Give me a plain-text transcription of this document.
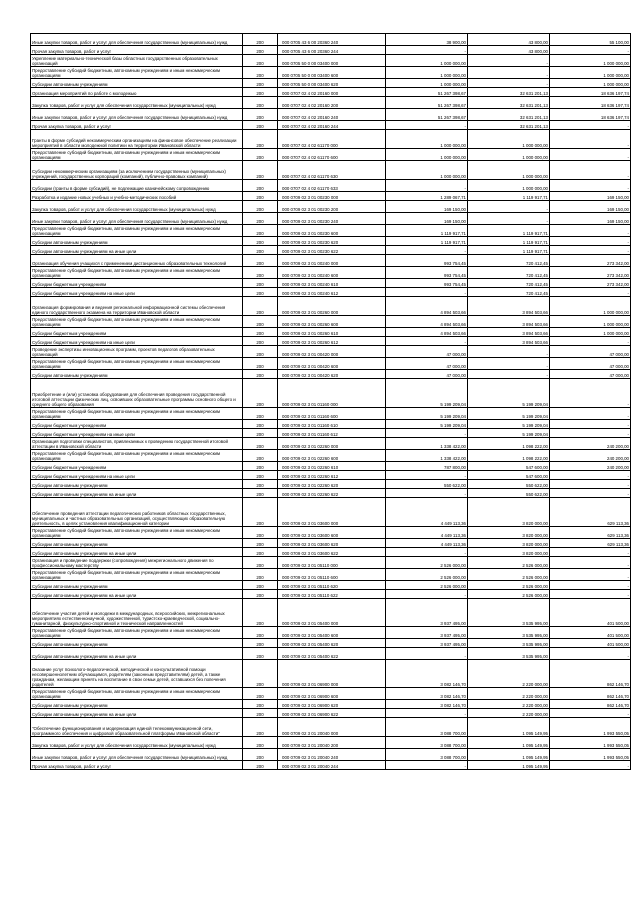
Иные закупки товаров, работ и услуг для обеспечения государственных (муниципальных) нужд	200	000 0705 43 6 00 20360 240	38 900,00	43 800,00	55 100,00
Прочая закупка товаров, работ и услуг	200	000 0705 43 6 00 20360 244	-	43 800,00	-
Укрепление материально-технической базы областных государственных образовательных организаций	200	000 0705 50 0 00 03400 000	1 000 000,00	-	1 000 000,00
Предоставление субсидий бюджетным, автономным учреждениям и иным некоммерческим организациям	200	000 0705 50 0 00 03400 600	1 000 000,00	-	1 000 000,00
Субсидии автономным учреждениям	200	000 0705 50 0 00 03400 620	1 000 000,00	-	1 000 000,00
Организация мероприятий по работе с молодежью	200	000 0707 02 4 02 20160 000	51 267 398,67	32 631 201,13	18 636 197,74
Закупка товаров, работ и услуг для обеспечения государственных (муниципальных) нужд	200	000 0707 02 4 02 20160 200	51 267 398,67	32 631 201,13	18 636 197,74
Иные закупки товаров, работ и услуг для обеспечения государственных (муниципальных) нужд	200	000 0707 02 4 02 20160 240	51 267 398,67	32 631 201,13	18 636 197,74
Прочая закупка товаров, работ и услуг	200	000 0707 02 4 02 20160 244	-	32 631 201,13	-
Гранты в форме субсидий некоммерческим организациям на финансовое обеспечение реализации мероприятий в области молодежной политики на территории Ивановской области	200	000 0707 02 4 02 61170 000	1 000 000,00	1 000 000,00	-
Предоставление субсидий бюджетным, автономным учреждениям и иным некоммерческим организациям	200	000 0707 02 4 02 61170 600	1 000 000,00	1 000 000,00	-
Субсидии некоммерческим организациям (за исключением государственных (муниципальных) учреждений, государственных корпораций (компаний), публично-правовых компаний)	200	000 0707 02 4 02 61170 630	1 000 000,00	1 000 000,00	-
Субсидии (гранты в форме субсидий), не подлежащие казначейскому сопровождению	200	000 0707 02 4 02 61170 633	-	1 000 000,00	-
Разработка и издание новых учебных и учебно-методических пособий	200	000 0709 02 3 01 00230 000	1 289 067,71	1 119 917,71	169 150,00
Закупка товаров, работ и услуг для обеспечения государственных (муниципальных) нужд	200	000 0709 02 3 01 00230 200	169 150,00	-	169 150,00
Иные закупки товаров, работ и услуг для обеспечения государственных (муниципальных) нужд	200	000 0709 02 3 01 00230 240	169 150,00	-	169 150,00
Предоставление субсидий бюджетным, автономным учреждениям и иным некоммерческим организациям	200	000 0709 02 3 01 00230 600	1 119 917,71	1 119 917,71	-
Субсидии автономным учреждениям	200	000 0709 02 3 01 00230 620	1 119 917,71	1 119 917,71	-
Субсидии автономным учреждениям на иные цели	200	000 0709 02 3 01 00230 622	-	1 119 917,71	-
Организация обучения учащихся с применением дистанционных образовательных технологий	200	000 0709 02 3 01 00240 000	993 754,45	720 412,45	273 342,00
Предоставление субсидий бюджетным, автономным учреждениям и иным некоммерческим организациям	200	000 0709 02 3 01 00240 600	993 754,45	720 412,45	273 342,00
Субсидии бюджетным учреждениям	200	000 0709 02 3 01 00240 610	993 754,45	720 412,45	273 342,00
Субсидии бюджетным учреждениям на иные цели	200	000 0709 02 3 01 00240 612	-	720 412,45	-
Организация формирования и ведения региональной информационной системы обеспечения единого государственного экзамена на территории Ивановской области	200	000 0709 02 3 01 00260 000	4 894 503,66	3 894 503,66	1 000 000,00
Предоставление субсидий бюджетным, автономным учреждениям и иным некоммерческим организациям	200	000 0709 02 3 01 00260 600	4 894 503,66	3 894 503,66	1 000 000,00
Субсидии бюджетным учреждениям	200	000 0709 02 3 01 00260 610	4 894 503,66	3 894 503,66	1 000 000,00
Субсидии бюджетным учреждениям на иные цели	200	000 0709 02 3 01 00260 612	-	3 894 503,66	-
Проведение экспертизы инновационных программ, проектов педагогов образовательных организаций	200	000 0709 02 3 01 00420 000	47 000,00	-	47 000,00
Предоставление субсидий бюджетным, автономным учреждениям и иным некоммерческим организациям	200	000 0709 02 3 01 00420 600	47 000,00	-	47 000,00
Субсидии автономным учреждениям	200	000 0709 02 3 01 00420 620	47 000,00	-	47 000,00
Приобретение и (или) установка оборудования для обеспечения проведения государственной итоговой аттестации физических лиц, освоивших образовательные программы основного общего и среднего общего образования	200	000 0709 02 3 01 01160 000	5 199 209,04	5 199 209,04	-
Предоставление субсидий бюджетным, автономным учреждениям и иным некоммерческим организациям	200	000 0709 02 3 01 01160 600	5 199 209,04	5 199 209,04	-
Субсидии бюджетным учреждениям	200	000 0709 02 3 01 01160 610	5 199 209,04	5 199 209,04	-
Субсидии бюджетным учреждениям на иные цели	200	000 0709 02 3 01 01160 612	-	5 199 209,04	-
Организация подготовки специалистов, привлекаемых к проведению государственной итоговой аттестации в Ивановской области	200	000 0709 02 3 01 02260 000	1 338 422,00	1 098 222,00	240 200,00
Предоставление субсидий бюджетным, автономным учреждениям и иным некоммерческим организациям	200	000 0709 02 3 01 02260 600	1 338 422,00	1 098 222,00	240 200,00
Субсидии бюджетным учреждениям	200	000 0709 02 3 01 02260 610	787 800,00	547 600,00	240 200,00
Субсидии бюджетным учреждениям на иные цели	200	000 0709 02 3 01 02260 612	-	547 600,00	-
Субсидии автономным учреждениям	200	000 0709 02 3 01 02260 620	550 622,00	550 622,00	-
Субсидии автономным учреждениям на иные цели	200	000 0709 02 3 01 02260 622	-	550 622,00	-
Обеспечение проведения аттестации педагогических работников областных государственных, муниципальных и частных образовательных организаций, осуществляющих образовательную деятельность, в целях установления квалификационной категории	200	000 0709 02 3 01 03600 000	4 449 113,36	3 820 000,00	629 113,36
Предоставление субсидий бюджетным, автономным учреждениям и иным некоммерческим организациям	200	000 0709 02 3 01 03600 600	4 449 113,36	3 820 000,00	629 113,36
Субсидии автономным учреждениям	200	000 0709 02 3 01 03600 620	4 449 113,36	3 820 000,00	629 113,36
Субсидии автономным учреждениям на иные цели	200	000 0709 02 3 01 03600 622	-	3 820 000,00	-
Организация и проведение поддержки (сопровождения) межрегионального движения по профессиональному мастерству	200	000 0709 02 3 01 05110 000	2 526 000,00	2 526 000,00	-
Предоставление субсидий бюджетным, автономным учреждениям и иным некоммерческим организациям	200	000 0709 02 3 01 05110 600	2 526 000,00	2 526 000,00	-
Субсидии автономным учреждениям	200	000 0709 02 3 01 05110 620	2 526 000,00	2 526 000,00	-
Субсидии автономным учреждениям на иные цели	200	000 0709 02 3 01 05110 622	-	2 526 000,00	-
Обеспечение участия детей и молодежи в международных, всероссийских, межрегиональных мероприятиях естественнонаучной, художественной, туристско-краеведческой, социально-гуманитарной, физкультурно-спортивной и технической направленностей	200	000 0709 02 3 01 05400 000	3 937 495,00	3 535 995,00	401 500,00
Предоставление субсидий бюджетным, автономным учреждениям и иным некоммерческим организациям	200	000 0709 02 3 01 05400 600	3 937 495,00	3 535 995,00	401 500,00
Субсидии автономным учреждениям	200	000 0709 02 3 01 05400 620	3 937 495,00	3 535 995,00	401 500,00
Субсидии автономным учреждениям на иные цели	200	000 0709 02 3 01 05400 622	-	3 535 995,00	-
Оказание услуг психолого-педагогической, методической и консультативной помощи несовершеннолетним обучающимся, родителям (законным представителям) детей, а также гражданам, желающим принять на воспитание в свои семьи детей, оставшихся без попечения родителей	200	000 0709 02 3 01 06900 000	3 082 146,70	2 220 000,00	862 146,70
Предоставление субсидий бюджетным, автономным учреждениям и иным некоммерческим организациям	200	000 0709 02 3 01 06900 600	3 082 146,70	2 220 000,00	862 146,70
Субсидии автономным учреждениям	200	000 0709 02 3 01 06900 620	3 082 146,70	2 220 000,00	862 146,70
Субсидии автономным учреждениям на иные цели	200	000 0709 02 3 01 06900 622	-	2 220 000,00	-
"Обеспечение функционирования и модернизация единой телекоммуникационной сети, программного обеспечения и цифровой образовательной платформы Ивановской области"	200	000 0709 02 3 01 20040 000	3 088 700,00	1 095 149,95	1 993 550,05
Закупка товаров, работ и услуг для обеспечения государственных (муниципальных) нужд	200	000 0709 02 3 01 20040 200	3 088 700,00	1 095 149,95	1 993 550,05
Иные закупки товаров, работ и услуг для обеспечения государственных (муниципальных) нужд	200	000 0709 02 3 01 20040 240	3 088 700,00	1 095 149,95	1 993 550,05
Прочая закупка товаров, работ и услуг	200	000 0709 02 3 01 20040 244	-	1 095 149,95	-
